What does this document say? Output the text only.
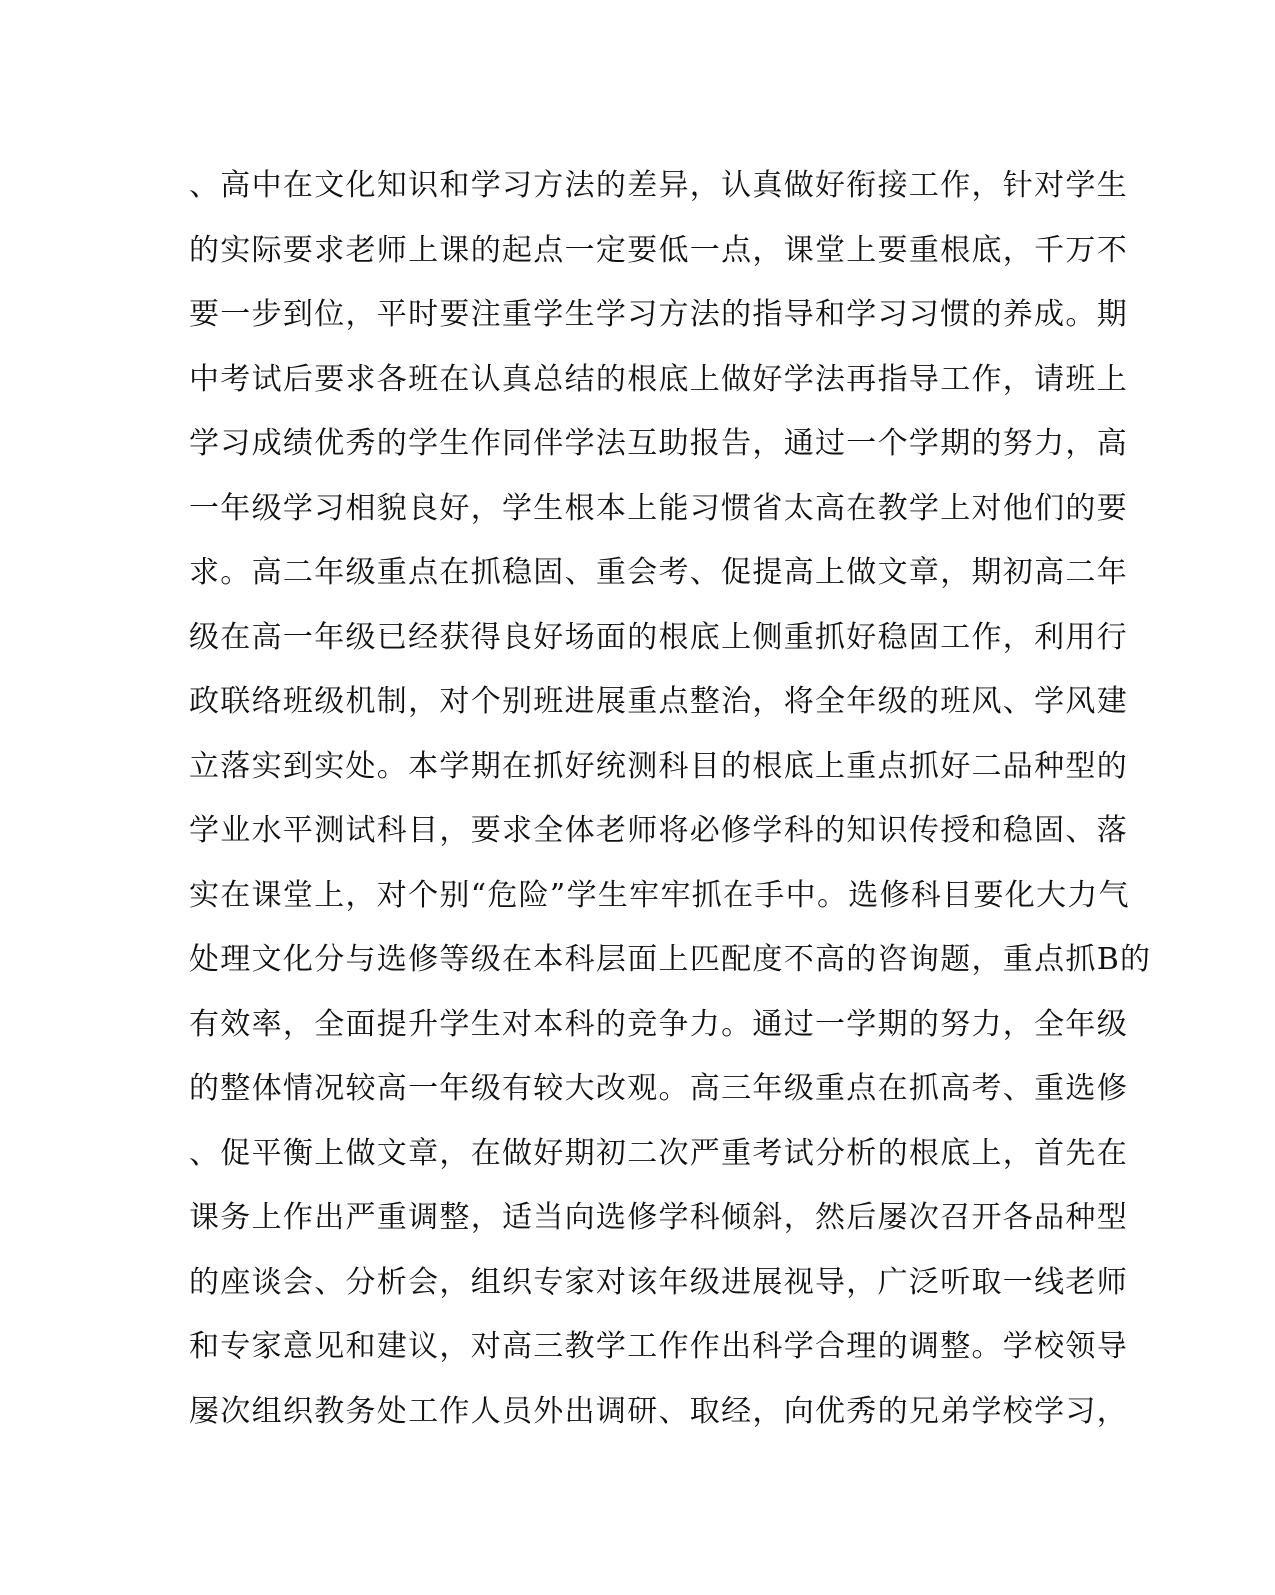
、高中在文化知识和学习方法的差异，认真做好衔接工作，针对学生
的实际要求老师上课的起点一定要低一点，课堂上要重根底，千万不
要一步到位，平时要注重学生学习方法的指导和学习习惯的养成。期
中考试后要求各班在认真总结的根底上做好学法再指导工作，请班上
学习成绩优秀的学生作同伴学法互助报告，通过一个学期的努力，高
一年级学习相貌良好，学生根本上能习惯省太高在教学上对他们的要
求。高二年级重点在抓稳固、重会考、促提高上做文章，期初高二年
级在高一年级已经获得良好场面的根底上侧重抓好稳固工作，利用行
政联络班级机制，对个别班进展重点整治，将全年级的班风、学风建
立落实到实处。本学期在抓好统测科目的根底上重点抓好二品种型的
学业水平测试科目，要求全体老师将必修学科的知识传授和稳固、落
实在课堂上，对个别“危险”学生牢牢抓在手中。选修科目要化大力气
处理文化分与选修等级在本科层面上匹配度不高的咨询题，重点抓B的
有效率，全面提升学生对本科的竞争力。通过一学期的努力，全年级
的整体情况较高一年级有较大改观。高三年级重点在抓高考、重选修
、促平衡上做文章，在做好期初二次严重考试分析的根底上，首先在
课务上作出严重调整，适当向选修学科倾斜，然后屡次召开各品种型
的座谈会、分析会，组织专家对该年级进展视导，广泛听取一线老师
和专家意见和建议，对高三教学工作作出科学合理的调整。学校领导
屡次组织教务处工作人员外出调研、取经，向优秀的兄弟学校学习，
